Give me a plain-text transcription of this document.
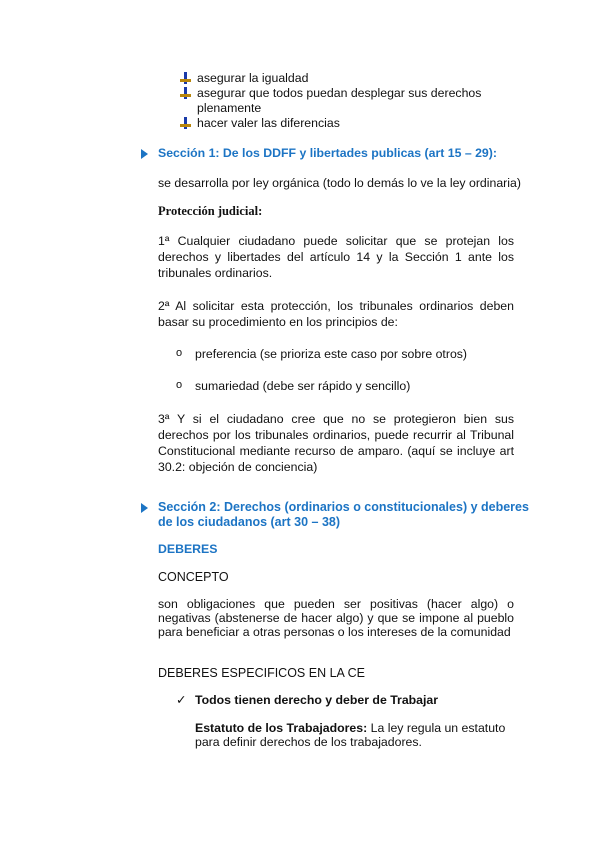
asegurar la igualdad
asegurar que todos puedan desplegar sus derechos
plenamente
hacer valer las diferencias
Sección 1: De los DDFF y libertades publicas (art 15 – 29):
se desarrolla por ley orgánica (todo lo demás lo ve la ley ordinaria)
Protección judicial:
1ª Cualquier ciudadano puede solicitar que se protejan los derechos y libertades del artículo 14 y la Sección 1 ante los tribunales ordinarios.
2ª Al solicitar esta protección, los tribunales ordinarios deben basar su procedimiento en los principios de:
o preferencia (se prioriza este caso por sobre otros)
o sumariedad (debe ser rápido y sencillo)
3ª Y si el ciudadano cree que no se protegieron bien sus derechos por los tribunales ordinarios, puede recurrir al Tribunal Constitucional mediante recurso de amparo. (aquí se incluye art 30.2: objeción de conciencia)
Sección 2: Derechos (ordinarios o constitucionales) y deberes
de los ciudadanos (art 30 – 38)
DEBERES
CONCEPTO
son obligaciones que pueden ser positivas (hacer algo) o negativas (abstenerse de hacer algo) y que se impone al pueblo para beneficiar a otras personas o los intereses de la comunidad
DEBERES ESPECIFICOS EN LA CE
✓ Todos tienen derecho y deber de Trabajar
Estatuto de los Trabajadores: La ley regula un estatuto para definir derechos de los trabajadores.
